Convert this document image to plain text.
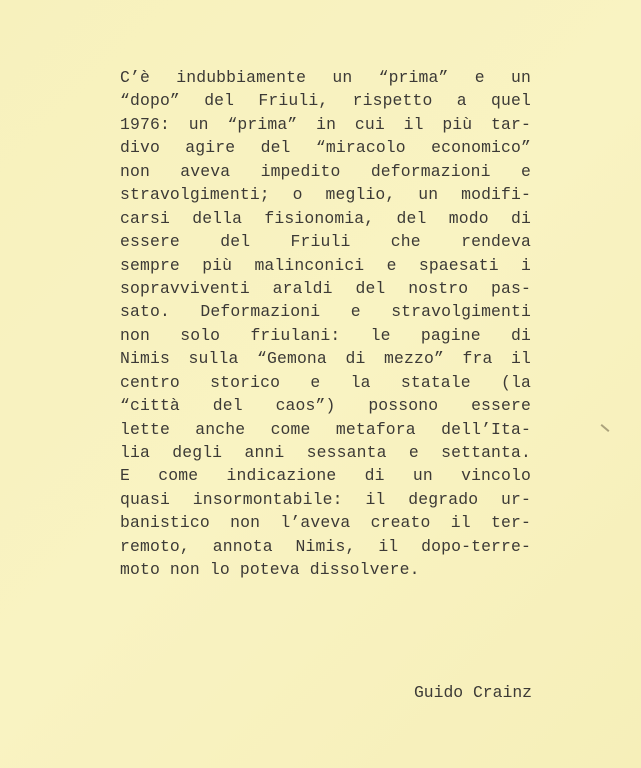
C’è indubbiamente un “prima” e un
“dopo” del Friuli, rispetto a quel
1976: un “prima” in cui il più tar-
divo agire del “miracolo economico”
non aveva impedito deformazioni e
stravolgimenti; o meglio, un modifi-
carsi della fisionomia, del modo di
essere del Friuli che rendeva
sempre più malinconici e spaesati i
sopravviventi araldi del nostro pas-
sato. Deformazioni e stravolgimenti
non solo friulani: le pagine di
Nimis sulla “Gemona di mezzo” fra il
centro storico e la statale (la
“città del caos”) possono essere
lette anche come metafora dell’Ita-
lia degli anni sessanta e settanta.
E come indicazione di un vincolo
quasi insormontabile: il degrado ur-
banistico non l’aveva creato il ter-
remoto, annota Nimis, il dopo-terre-
moto non lo poteva dissolvere.
Guido Crainz
